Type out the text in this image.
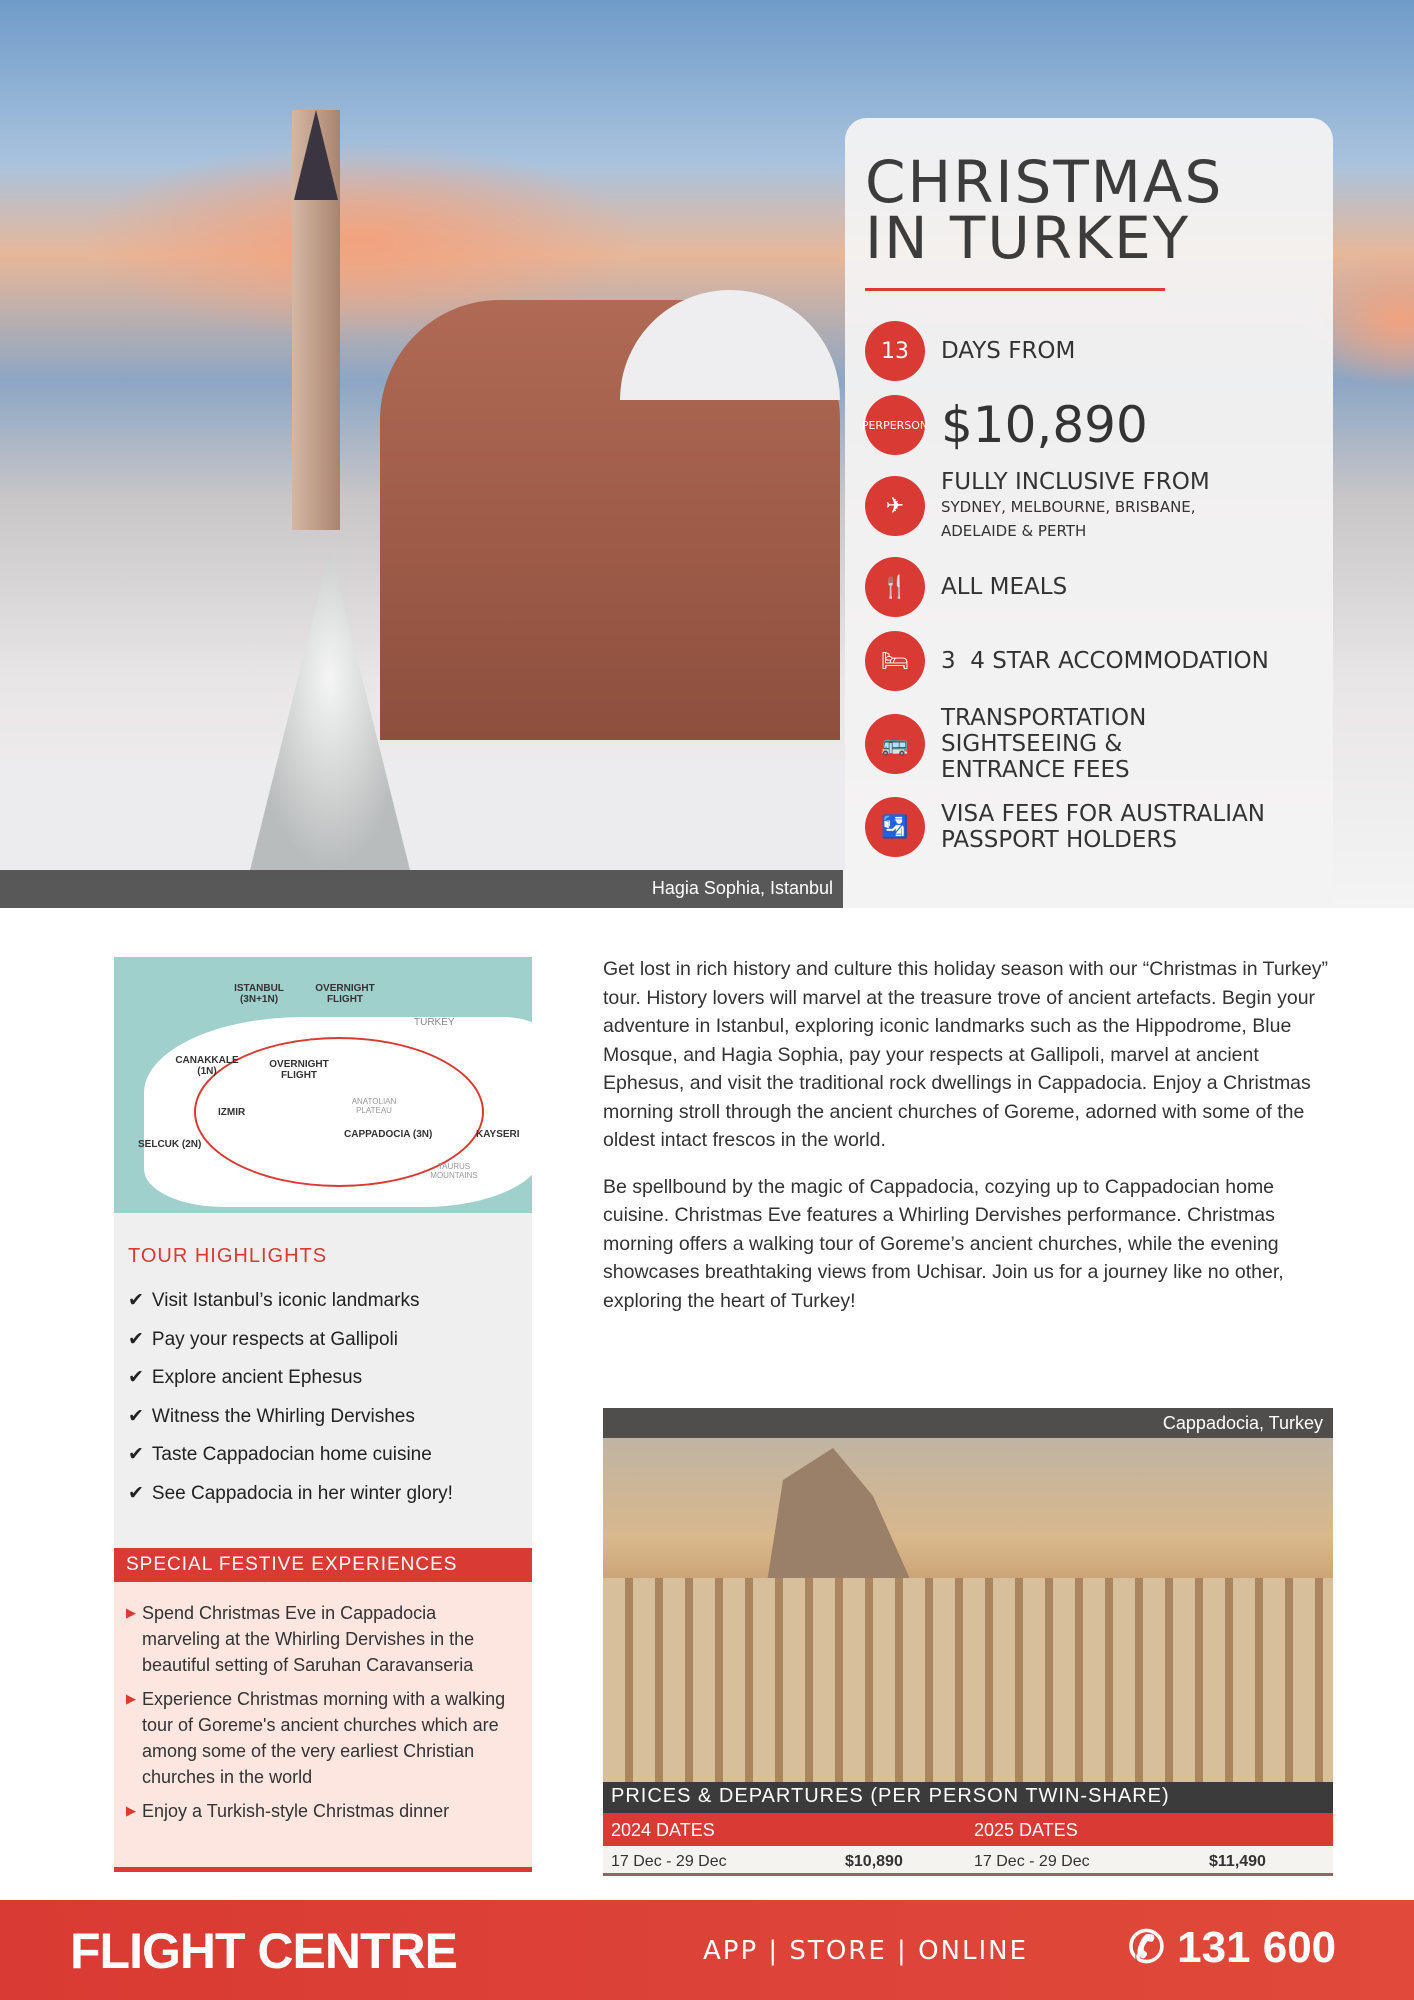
Hagia Sophia, Istanbul
CHRISTMAS
IN TURKEY
13	DAYS FROM
PER PERSON $10,890
✈
FULLY INCLUSIVE FROM
SYDNEY, MELBOURNE, BRISBANE,
ADELAIDE & PERTH
🍴	ALL MEALS
🛏	3  4 STAR ACCOMMODATION
🚌
TRANSPORTATION
SIGHTSEEING &
ENTRANCE FEES
🛂	VISA FEES FOR AUSTRALIAN
PASSPORT HOLDERS
ISTANBUL (3N+1N)
OVERNIGHT FLIGHT
TURKEY
CANAKKALE (1N)
OVERNIGHT FLIGHT
IZMIR
SELCUK (2N)
ANATOLIAN PLATEAU
CAPPADOCIA (3N)	KAYSERI
TAURUS MOUNTAINS
TOUR HIGHLIGHTS
✔ Visit Istanbul’s iconic landmarks
✔ Pay your respects at Gallipoli
✔ Explore ancient Ephesus
✔ Witness the Whirling Dervishes
✔ Taste Cappadocian home cuisine
✔ See Cappadocia in her winter glory!
SPECIAL FESTIVE EXPERIENCES
▶ Spend Christmas Eve in Cappadocia marveling at the Whirling Dervishes in the beautiful setting of Saruhan Caravanseria
▶ Experience Christmas morning with a walking tour of Goreme's ancient churches which are among some of the very earliest Christian churches in the world
▶ Enjoy a Turkish-style Christmas dinner

Get lost in rich history and culture this holiday season with our “Christmas in Turkey” tour. History lovers will marvel at the treasure trove of ancient artefacts. Begin your adventure in Istanbul, exploring iconic landmarks such as the Hippodrome, Blue Mosque, and Hagia Sophia, pay your respects at Gallipoli, marvel at ancient Ephesus, and visit the traditional rock dwellings in Cappadocia. Enjoy a Christmas morning stroll through the ancient churches of Goreme, adorned with some of the oldest intact frescos in the world.

Be spellbound by the magic of Cappadocia, cozying up to Cappadocian home cuisine. Christmas Eve features a Whirling Dervishes performance. Christmas morning offers a walking tour of Goreme’s ancient churches, while the evening showcases breathtaking views from Uchisar. Join us for a journey like no other, exploring the heart of Turkey!

Cappadocia, Turkey
PRICES & DEPARTURES (PER PERSON TWIN-SHARE)
2024 DATES	2025 DATES
17 Dec - 29 Dec	$10,890	17 Dec - 29 Dec	$11,490
FLIGHT CENTRE	APP | STORE | ONLINE ✆ 131 600
